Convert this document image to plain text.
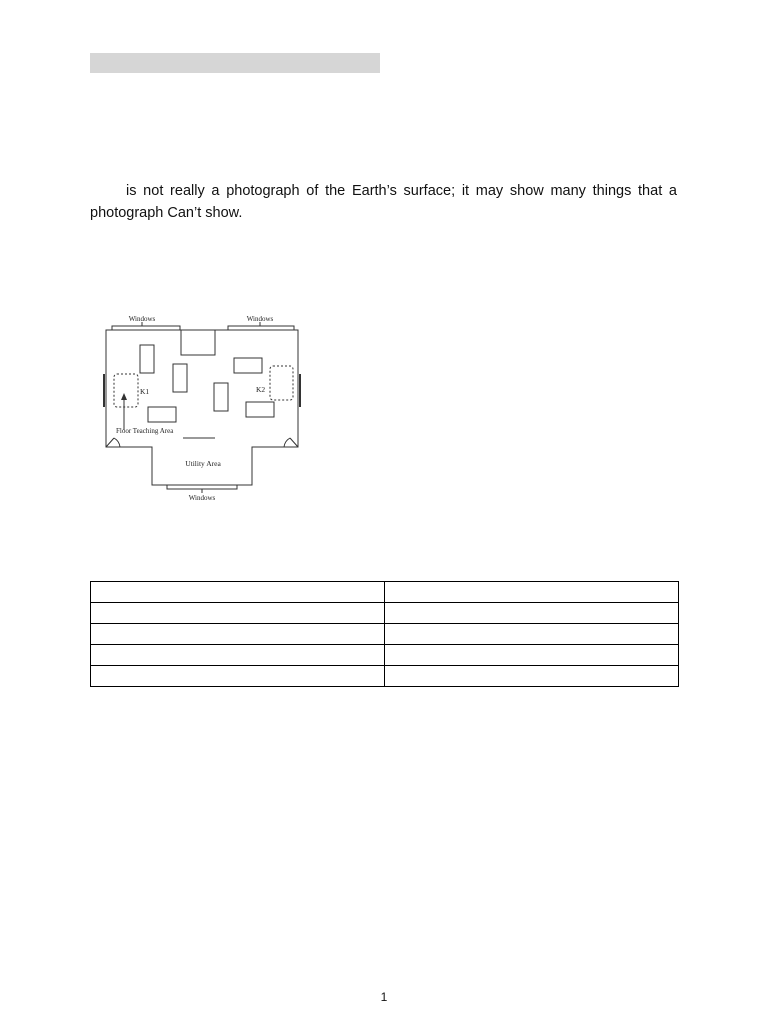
is not really a photograph of the Earth’s surface; it may show many things that a photograph Can’t show.

Windows	Windows
Windows
K1	K2
Floor Teaching Area
Utility Area

1
